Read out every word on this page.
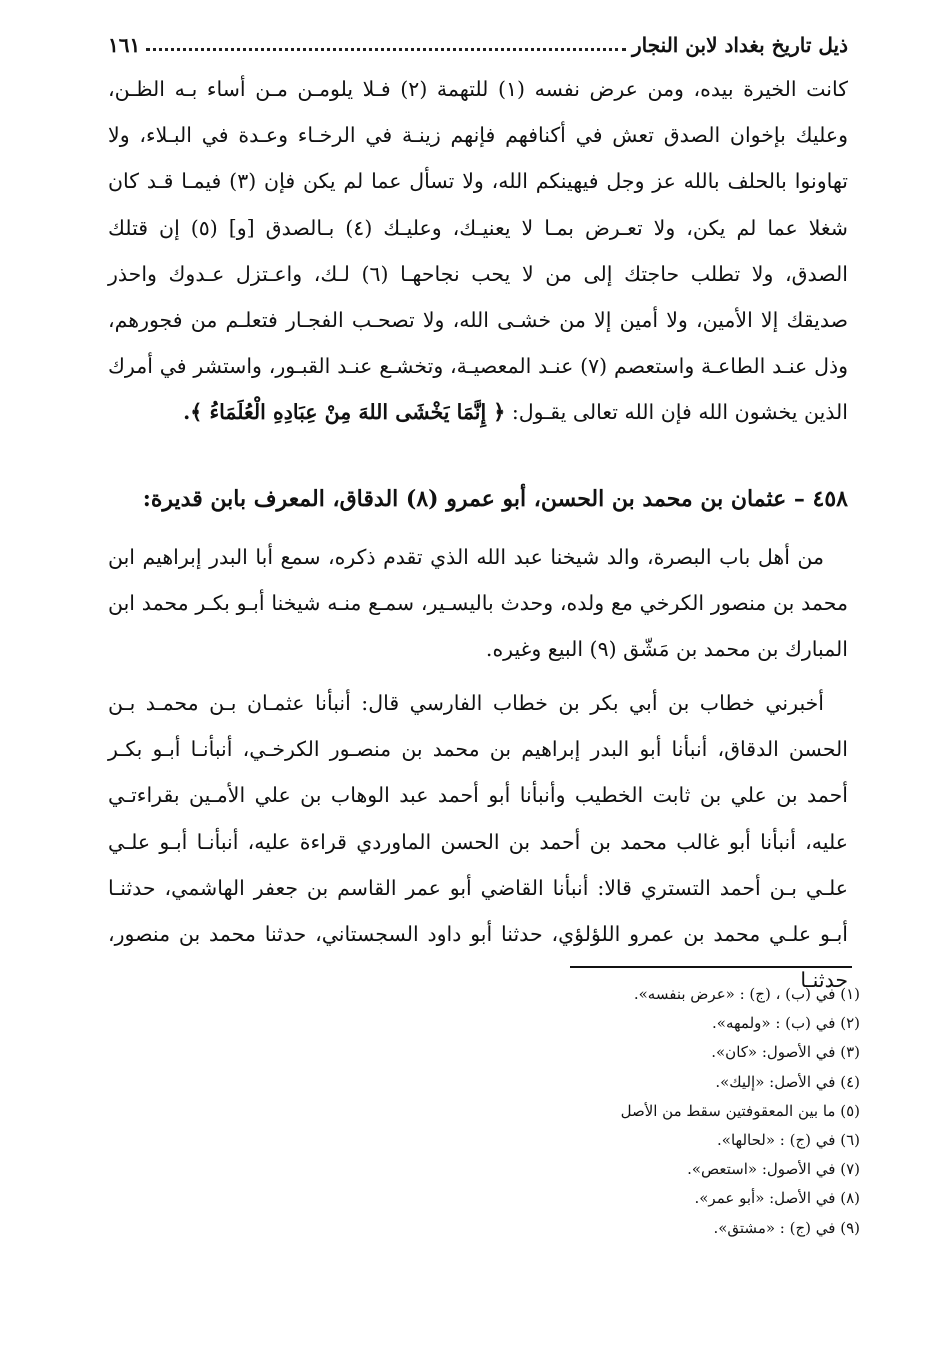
ذيل تاريخ بغداد لابن النجار
١٦١

كانت الخيرة بيده، ومن عرض نفسه (١) للتهمة (٢) فـلا يلومـن مـن أساء بـه الظـن، وعليك بإخوان الصدق تعش في أكنافهم فإنهم زينـة في الرخـاء وعـدة في البـلاء، ولا تهاونوا بالحلف بالله عز وجل فيهينكم الله، ولا تسأل عما لم يكن فإن (٣) فيمـا قـد كان شغلا عما لم يكن، ولا تعـرض بمـا لا يعنيـك، وعليـك (٤) بـالصدق [و] (٥) إن قتلك الصدق، ولا تطلب حاجتك إلى من لا يحب نجاحهـا (٦) لـك، واعـتزل عـدوك واحذر صديقك إلا الأمين، ولا أمين إلا من خشـى الله، ولا تصحـب الفجـار فتعلـم من فجورهم، وذل عنـد الطاعـة واستعصم (٧) عنـد المعصيـة، وتخشـع عنـد القبـور، واستشر في أمرك الذين يخشون الله فإن الله تعالى يقـول: ﴿ إِنَّمَا يَخْشَى اللهَ مِنْ عِبَادِهِ الْعُلَمَاءُ ﴾.

٤٥٨ – عثمان بن محمد بن الحسن، أبو عمرو (٨) الدقاق، المعرف بابن قديرة:

من أهل باب البصرة، والد شيخنا عبد الله الذي تقدم ذكره، سمع أبا البدر إبراهيم ابن محمد بن منصور الكرخي مع ولده، وحدث باليسـير، سمـع منـه شيخنا أبـو بكـر محمد ابن المبارك بن محمد بن مَشّق (٩) البيع وغيره.

أخبرني خطاب بن أبي بكر بن خطاب الفارسي قال: أنبأنا عثمـان بـن محمـد بـن الحسن الدقاق، أنبأنا أبو البدر إبراهيم بن محمد بن منصـور الكرخـي، أنبأنـا أبـو بكـر أحمد بن علي بن ثابت الخطيب وأنبأنا أبو أحمد عبد الوهاب بن علي الأمـين بقراءتـي عليه، أنبأنا أبو غالب محمد بن أحمد بن الحسن الماوردي قراءة عليه، أنبأنـا أبـو علـي علـي بـن أحمد التستري قالا: أنبأنا القاضي أبو عمر القاسم بن جعفر الهاشمي، حدثنـا أبـو علـي محمد بن عمرو اللؤلؤي، حدثنا أبو داود السجستاني، حدثنا محمد بن منصور، حدثنـا

(١) في (ب) ، (ج) : «عرض بنفسه».
(٢) في (ب) : «ولمهه».
(٣) في الأصول: «كان».
(٤) في الأصل: «إليك».
(٥) ما بين المعقوفتين سقط من الأصل
(٦) في (ج) : «لحالها».
(٧) في الأصول: «استعص».
(٨) في الأصل: «أبو عمر».
(٩) في (ج) : «مشتق».
